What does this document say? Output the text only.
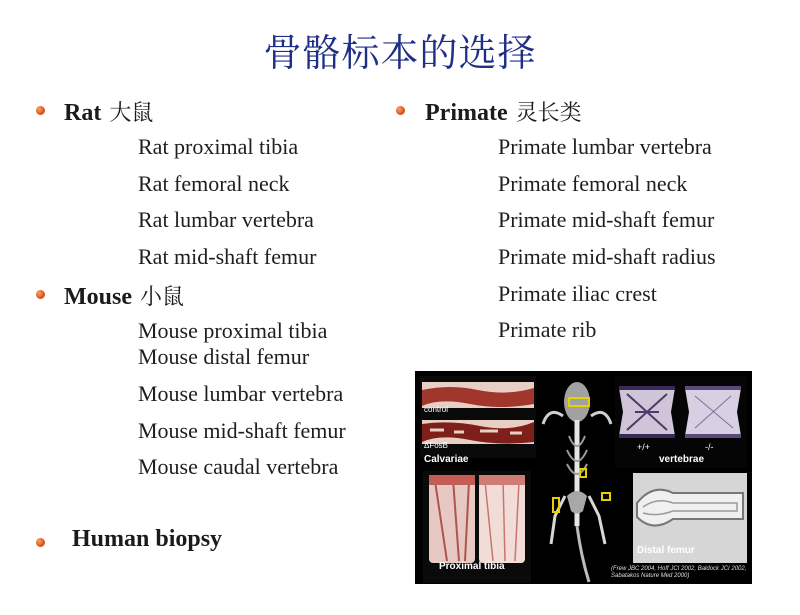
骨骼标本的选择
Rat 大鼠
Rat proximal tibia
Rat femoral neck
Rat lumbar vertebra
Rat mid-shaft femur
Mouse 小鼠
Mouse proximal tibia
Mouse distal femur
Mouse lumbar vertebra
Mouse mid-shaft femur
Mouse caudal vertebra
Human biopsy
Primate 灵长类
Primate lumbar vertebra
Primate femoral neck
Primate mid-shaft femur
Primate mid-shaft radius
Primate iliac crest
Primate rib
control
ΔFosB
Calvariae
Proximal tibia
+/+	-/-
vertebrae
Distal femur
(Frew JBC 2004, Hoff JCI 2002, Baldock JCI 2002, Sabatakos Nature Med 2000)
